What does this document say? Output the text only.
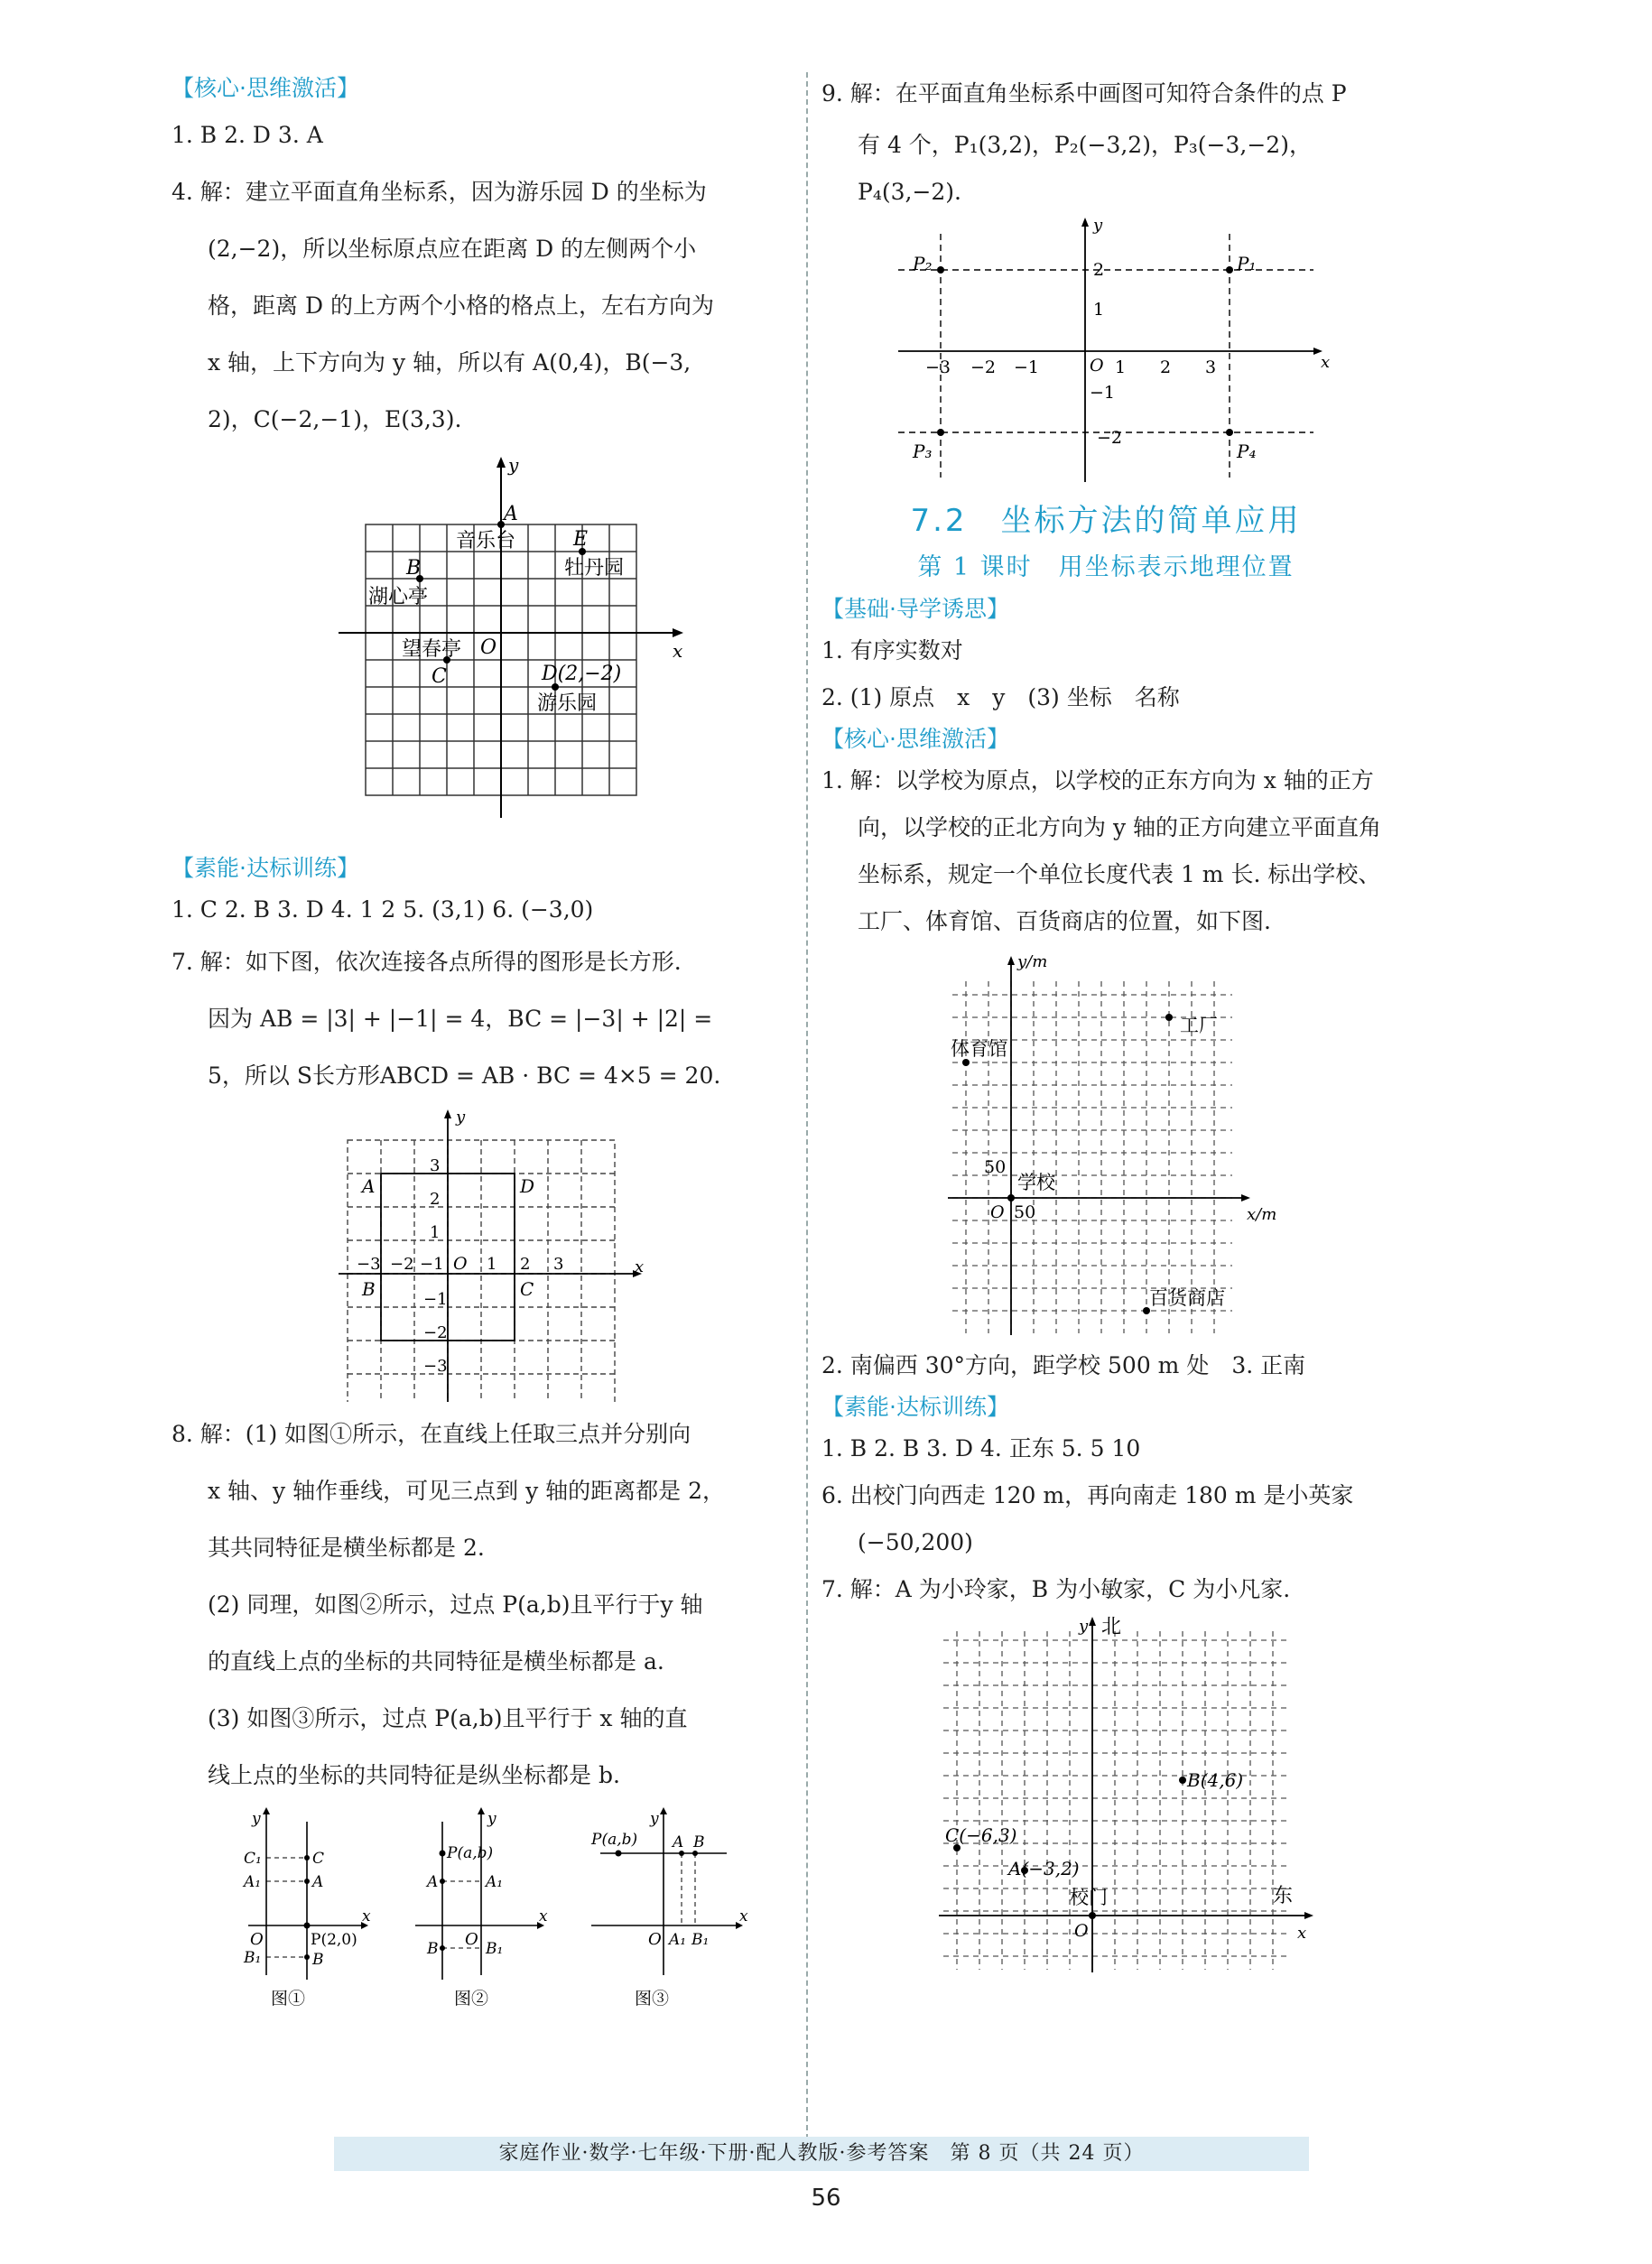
【核心·思维激活】

1. B 2. D 3. A

4. 解：建立平面直角坐标系，因为游乐园 D 的坐标为

(2,−2)，所以坐标原点应在距离 D 的左侧两个小

格，距离 D 的上方两个小格的格点上，左右方向为

x 轴，上下方向为 y 轴，所以有 A(0,4)，B(−3,

2)，C(−2,−1)，E(3,3).

y
x
O
A
音乐台	E
牡丹园
B
湖心亭
望春亭
C	D(2,−2)
游乐园
【素能·达标训练】

1. C 2. B 3. D 4. 1 2 5. (3,1) 6. (−3,0)

7. 解：如下图，依次连接各点所得的图形是长方形.

因为 AB = |3| + |−1| = 4，BC = |−3| + |2| =

5，所以 S长方形ABCD = AB · BC = 4×5 = 20.

y
x
A	D
B	C
O
−3 −2 −1	1 2 3
3
2
1
−1
−2
−3

8. 解：(1) 如图①所示，在直线上任取三点并分别向

x 轴、y 轴作垂线，可见三点到 y 轴的距离都是 2，

其共同特征是横坐标都是 2.

(2) 同理，如图②所示，过点 P(a,b)且平行于y 轴

的直线上点的坐标的共同特征是横坐标都是 a.

(3) 如图③所示，过点 P(a,b)且平行于 x 轴的直

线上点的坐标的共同特征是纵坐标都是 b.

y
x
O
C₁
A₁
B₁
C
A
P(2,0)
B
图①
y
x
O
P(a,b)
A
B
A₁
B₁
图②
y
x
O
P(a,b) A B
A₁ B₁
图③

9. 解：在平面直角坐标系中画图可知符合条件的点 P

有 4 个，P₁(3,2)，P₂(−3,2)，P₃(−3,−2)，

P₄(3,−2).

y
x
O
P₂	P₁
P₃	P₄
−3 −2 −1	1 2 3
2
1
−1
−2
7.2　坐标方法的简单应用
第 1 课时　用坐标表示地理位置
【基础·导学诱思】

1. 有序实数对

2. (1) 原点　x　y　(3) 坐标　名称

【核心·思维激活】

1. 解：以学校为原点，以学校的正东方向为 x 轴的正方

向，以学校的正北方向为 y 轴的正方向建立平面直角

坐标系，规定一个单位长度代表 1 m 长. 标出学校、

工厂、体育馆、百货商店的位置，如下图.

y/m
x/m
O 50
50
学校
工厂
体育馆
百货商店

2. 南偏西 30°方向，距学校 500 m 处　3. 正南

【素能·达标训练】

1. B 2. B 3. D 4. 正东 5. 5 10

6. 出校门向西走 120 m，再向南走 180 m 是小英家

(−50,200)

7. 解：A 为小玲家，B 为小敏家，C 为小凡家.

y 北
x
东
O
校门
B(4,6)
C(−6,3)
A(−3,2)
家庭作业·数学·七年级·下册·配人教版·参考答案　第 8 页（共 24 页）
56
